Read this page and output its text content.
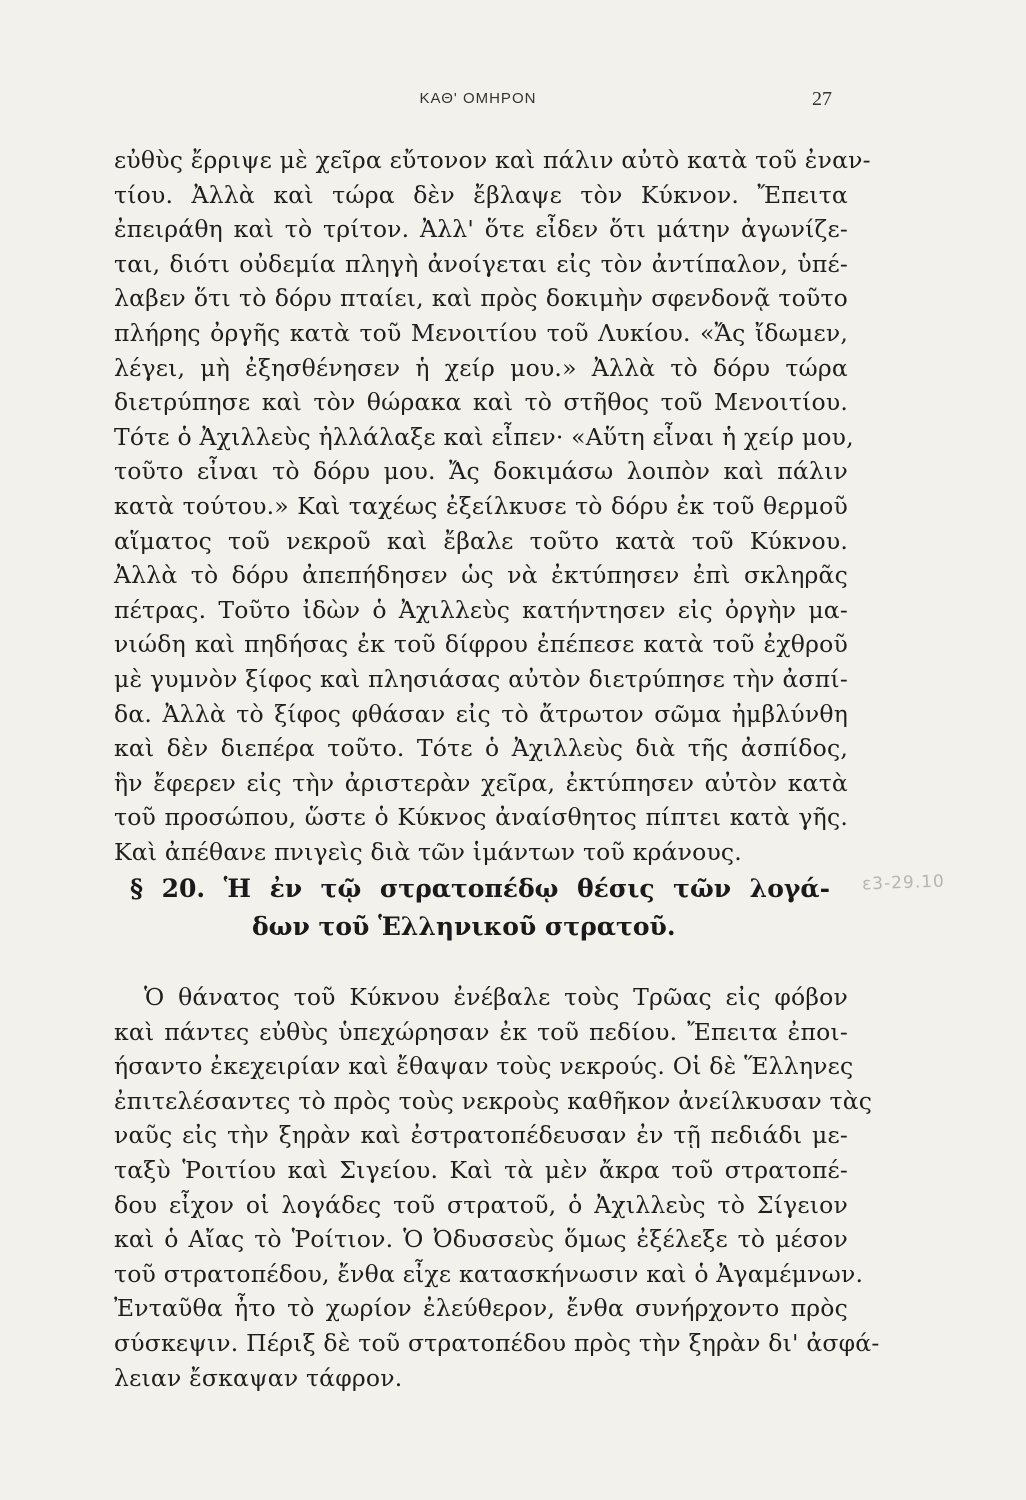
ΚΑΘ' ΟΜΗΡΟΝ	27
εὐθὺς ἔρριψε μὲ χεῖρα εὔτονον καὶ πάλιν αὐτὸ κατὰ τοῦ ἐναν-
τίου. Ἀλλὰ καὶ τώρα δὲν ἔβλαψε τὸν Κύκνον. Ἔπειτα
ἐπειράθη καὶ τὸ τρίτον. Ἀλλ' ὅτε εἶδεν ὅτι μάτην ἀγωνίζε-
ται, διότι οὐδεμία πληγὴ ἀνοίγεται εἰς τὸν ἀντίπαλον, ὑπέ-
λαβεν ὅτι τὸ δόρυ πταίει, καὶ πρὸς δοκιμὴν σφενδονᾷ τοῦτο
πλήρης ὀργῆς κατὰ τοῦ Μενοιτίου τοῦ Λυκίου. «Ἄς ἴδωμεν,
λέγει, μὴ ἐξησθένησεν ἡ χείρ μου.» Ἀλλὰ τὸ δόρυ τώρα
διετρύπησε καὶ τὸν θώρακα καὶ τὸ στῆθος τοῦ Μενοιτίου.
Τότε ὁ Ἀχιλλεὺς ἠλλάλαξε καὶ εἶπεν· «Αὕτη εἶναι ἡ χείρ μου,
τοῦτο εἶναι τὸ δόρυ μου. Ἄς δοκιμάσω λοιπὸν καὶ πάλιν
κατὰ τούτου.» Καὶ ταχέως ἐξείλκυσε τὸ δόρυ ἐκ τοῦ θερμοῦ
αἵματος τοῦ νεκροῦ καὶ ἔβαλε τοῦτο κατὰ τοῦ Κύκνου.
Ἀλλὰ τὸ δόρυ ἀπεπήδησεν ὡς νὰ ἐκτύπησεν ἐπὶ σκληρᾶς
πέτρας. Τοῦτο ἰδὼν ὁ Ἀχιλλεὺς κατήντησεν εἰς ὀργὴν μα-
νιώδη καὶ πηδήσας ἐκ τοῦ δίφρου ἐπέπεσε κατὰ τοῦ ἐχθροῦ
μὲ γυμνὸν ξίφος καὶ πλησιάσας αὐτὸν διετρύπησε τὴν ἀσπί-
δα. Ἀλλὰ τὸ ξίφος φθάσαν εἰς τὸ ἄτρωτον σῶμα ἠμβλύνθη
καὶ δὲν διεπέρα τοῦτο. Τότε ὁ Ἀχιλλεὺς διὰ τῆς ἀσπίδος,
ἣν ἔφερεν εἰς τὴν ἀριστερὰν χεῖρα, ἐκτύπησεν αὐτὸν κατὰ
τοῦ προσώπου, ὥστε ὁ Κύκνος ἀναίσθητος πίπτει κατὰ γῆς.
Καὶ ἀπέθανε πνιγεὶς διὰ τῶν ἱμάντων τοῦ κράνους.
§ 20. Ἡ ἐν τῷ στρατοπέδῳ θέσις τῶν λογά-
δων τοῦ Ἑλληνικοῦ στρατοῦ.
ε3-29.10
Ὁ θάνατος τοῦ Κύκνου ἐνέβαλε τοὺς Τρῶας εἰς φόβον
καὶ πάντες εὐθὺς ὑπεχώρησαν ἐκ τοῦ πεδίου. Ἔπειτα ἐποι-
ήσαντο ἐκεχειρίαν καὶ ἔθαψαν τοὺς νεκρούς. Οἱ δὲ Ἕλληνες
ἐπιτελέσαντες τὸ πρὸς τοὺς νεκροὺς καθῆκον ἀνείλκυσαν τὰς
ναῦς εἰς τὴν ξηρὰν καὶ ἐστρατοπέδευσαν ἐν τῇ πεδιάδι με-
ταξὺ Ῥοιτίου καὶ Σιγείου. Καὶ τὰ μὲν ἄκρα τοῦ στρατοπέ-
δου εἶχον οἱ λογάδες τοῦ στρατοῦ, ὁ Ἀχιλλεὺς τὸ Σίγειον
καὶ ὁ Αἴας τὸ Ῥοίτιον. Ὁ Ὀδυσσεὺς ὅμως ἐξέλεξε τὸ μέσον
τοῦ στρατοπέδου, ἔνθα εἶχε κατασκήνωσιν καὶ ὁ Ἀγαμέμνων.
Ἐνταῦθα ἦτο τὸ χωρίον ἐλεύθερον, ἔνθα συνήρχοντο πρὸς
σύσκεψιν. Πέριξ δὲ τοῦ στρατοπέδου πρὸς τὴν ξηρὰν δι' ἀσφά-
λειαν ἔσκαψαν τάφρον.
